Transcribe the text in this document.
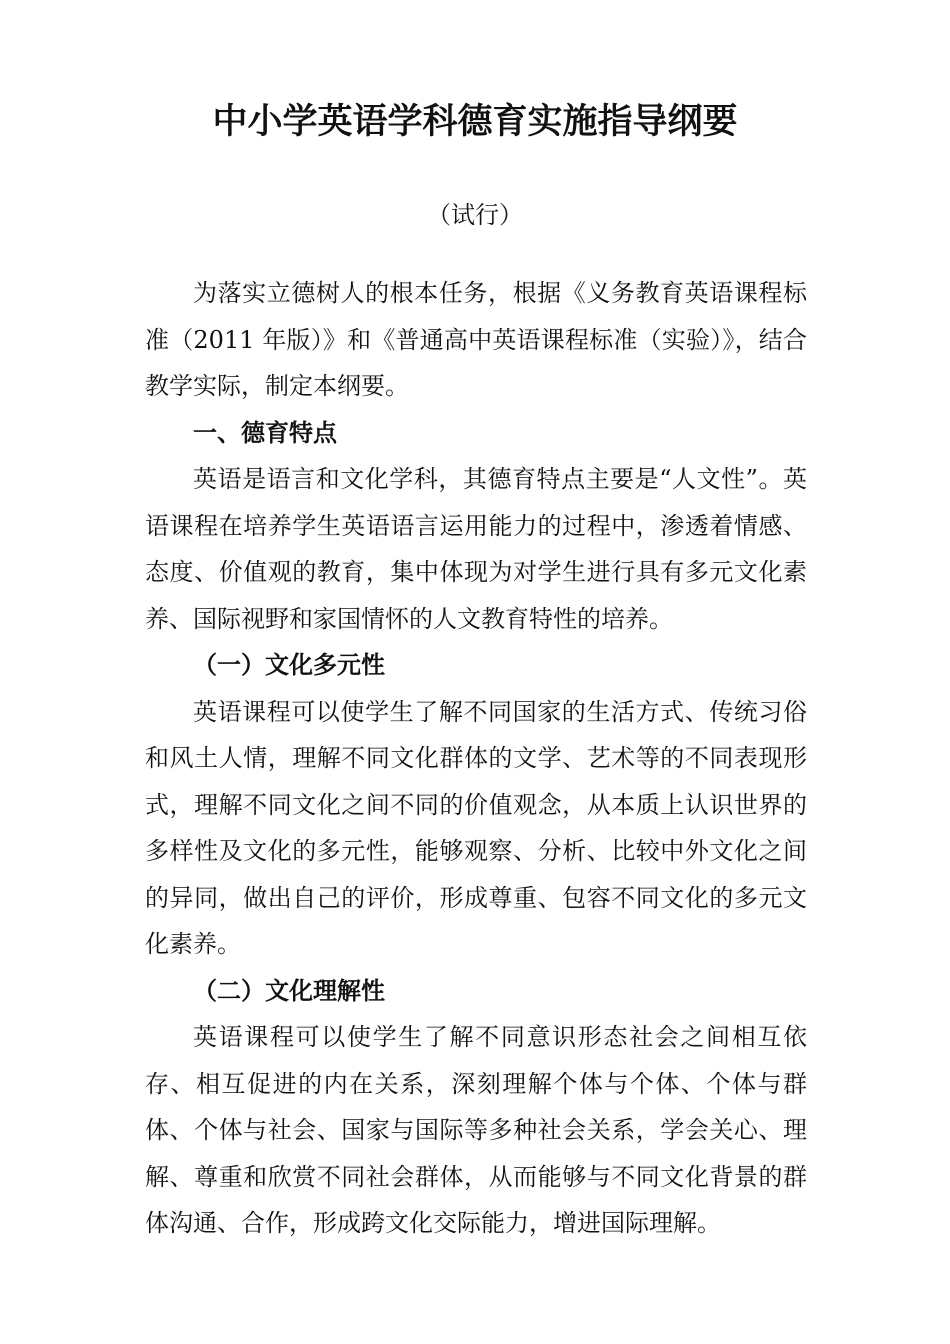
中小学英语学科德育实施指导纲要
（试行）

为落实立德树人的根本任务，根据《义务教育英语课程标准（2011 年版）》和《普通高中英语课程标准（实验）》，结合教学实际，制定本纲要。

一、德育特点

英语是语言和文化学科，其德育特点主要是“人文性”。英语课程在培养学生英语语言运用能力的过程中，渗透着情感、态度、价值观的教育，集中体现为对学生进行具有多元文化素养、国际视野和家国情怀的人文教育特性的培养。

（一）文化多元性

英语课程可以使学生了解不同国家的生活方式、传统习俗和风土人情，理解不同文化群体的文学、艺术等的不同表现形式，理解不同文化之间不同的价值观念，从本质上认识世界的多样性及文化的多元性，能够观察、分析、比较中外文化之间的异同，做出自己的评价，形成尊重、包容不同文化的多元文化素养。

（二）文化理解性

英语课程可以使学生了解不同意识形态社会之间相互依存、相互促进的内在关系，深刻理解个体与个体、个体与群体、个体与社会、国家与国际等多种社会关系，学会关心、理解、尊重和欣赏不同社会群体，从而能够与不同文化背景的群体沟通、合作，形成跨文化交际能力，增进国际理解。
